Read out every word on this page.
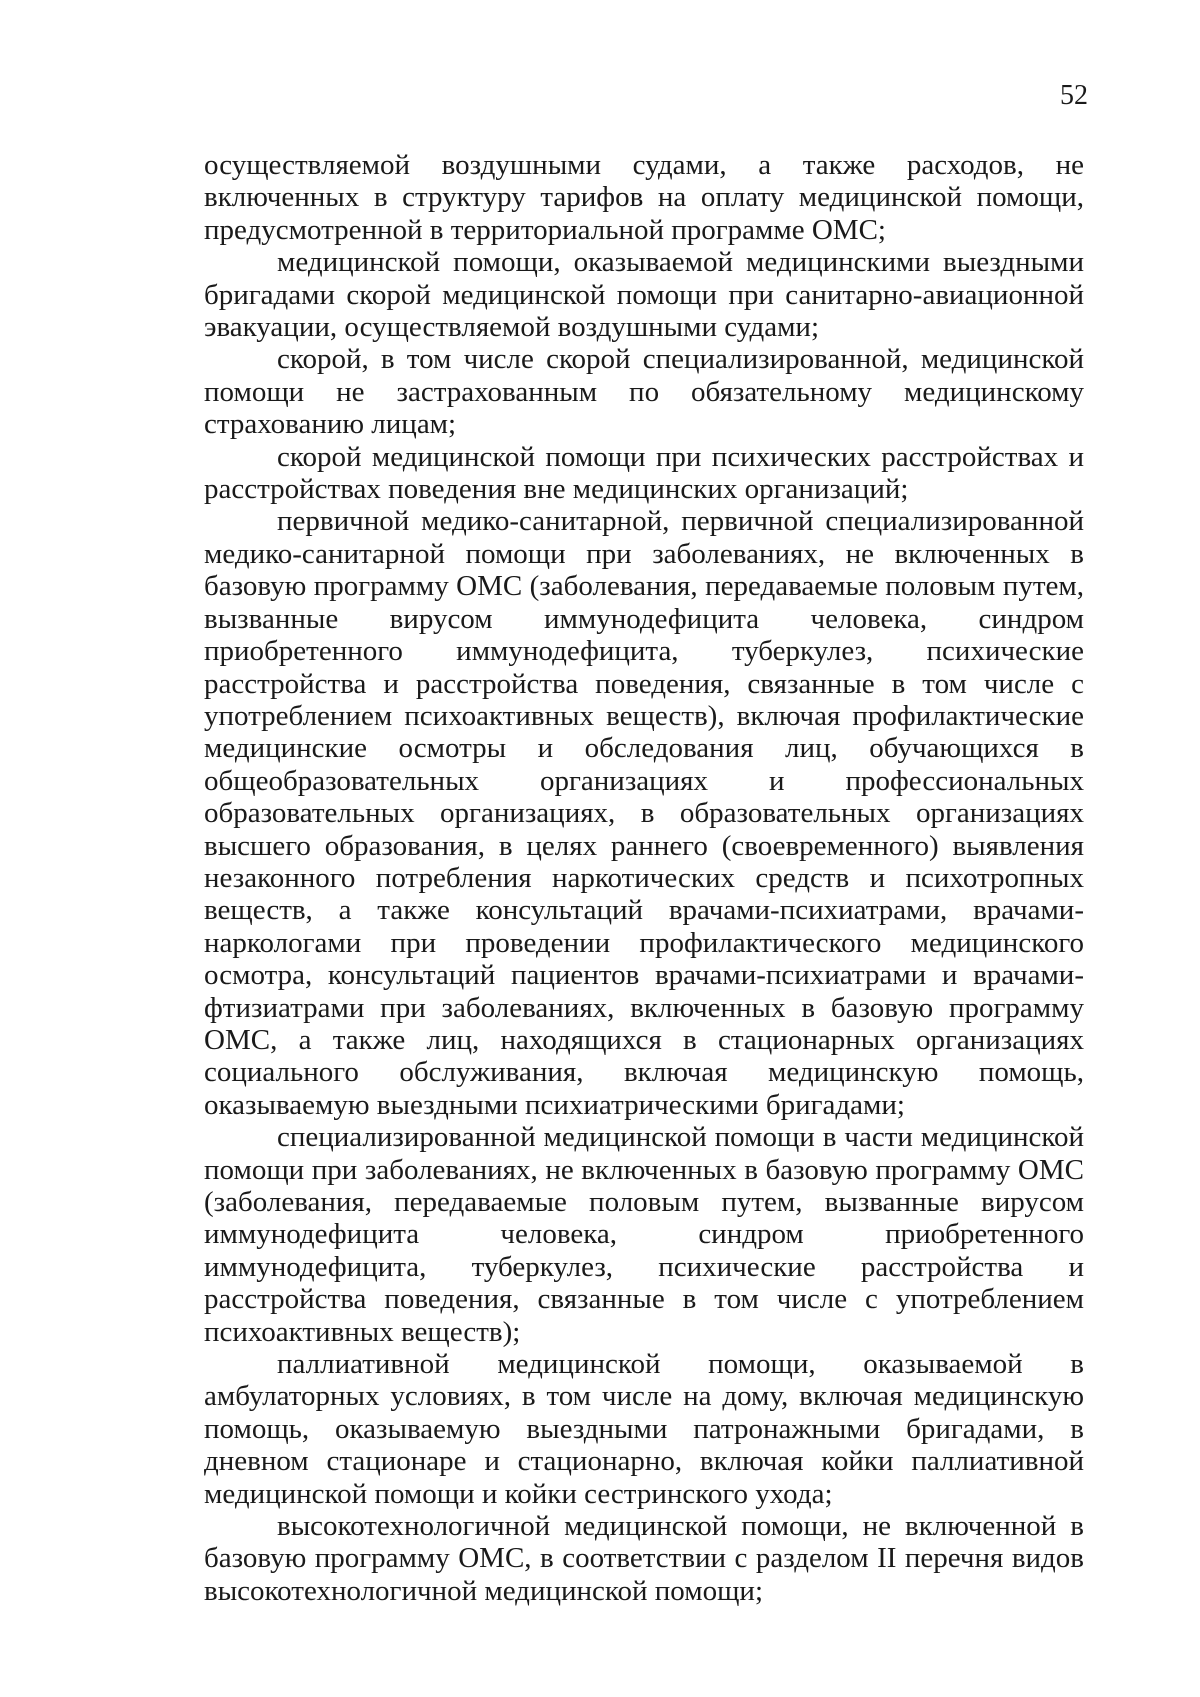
52

осуществляемой воздушными судами, а также расходов, не включенных в структуру тарифов на оплату медицинской помощи, предусмотренной в территориальной программе ОМС;

медицинской помощи, оказываемой медицинскими выездными бригадами скорой медицинской помощи при санитарно-авиационной эвакуации, осуществляемой воздушными судами;

скорой, в том числе скорой специализированной, медицинской помощи не застрахованным по обязательному медицинскому страхованию лицам;

скорой медицинской помощи при психических расстройствах и расстройствах поведения вне медицинских организаций;

первичной медико-санитарной, первичной специализированной медико-санитарной помощи при заболеваниях, не включенных в базовую программу ОМС (заболевания, передаваемые половым путем, вызванные вирусом иммунодефицита человека, синдром приобретенного иммунодефицита, туберкулез, психические расстройства и расстройства поведения, связанные в том числе с употреблением психоактивных веществ), включая профилактические медицинские осмотры и обследования лиц, обучающихся в общеобразовательных организациях и профессиональных образовательных организациях, в образовательных организациях высшего образования, в целях раннего (своевременного) выявления незаконного потребления наркотических средств и психотропных веществ, а также консультаций врачами-психиатрами, врачами-наркологами при проведении профилактического медицинского осмотра, консультаций пациентов врачами-психиатрами и врачами-фтизиатрами при заболеваниях, включенных в базовую программу ОМС, а также лиц, находящихся в стационарных организациях социального обслуживания, включая медицинскую помощь, оказываемую выездными психиатрическими бригадами;

специализированной медицинской помощи в части медицинской помощи при заболеваниях, не включенных в базовую программу ОМС (заболевания, передаваемые половым путем, вызванные вирусом иммунодефицита человека, синдром приобретенного иммунодефицита, туберкулез, психические расстройства и расстройства поведения, связанные в том числе с употреблением психоактивных веществ);

паллиативной медицинской помощи, оказываемой в амбулаторных условиях, в том числе на дому, включая медицинскую помощь, оказываемую выездными патронажными бригадами, в дневном стационаре и стационарно, включая койки паллиативной медицинской помощи и койки сестринского ухода;

высокотехнологичной медицинской помощи, не включенной в базовую программу ОМС, в соответствии с разделом II перечня видов высокотехнологичной медицинской помощи;
